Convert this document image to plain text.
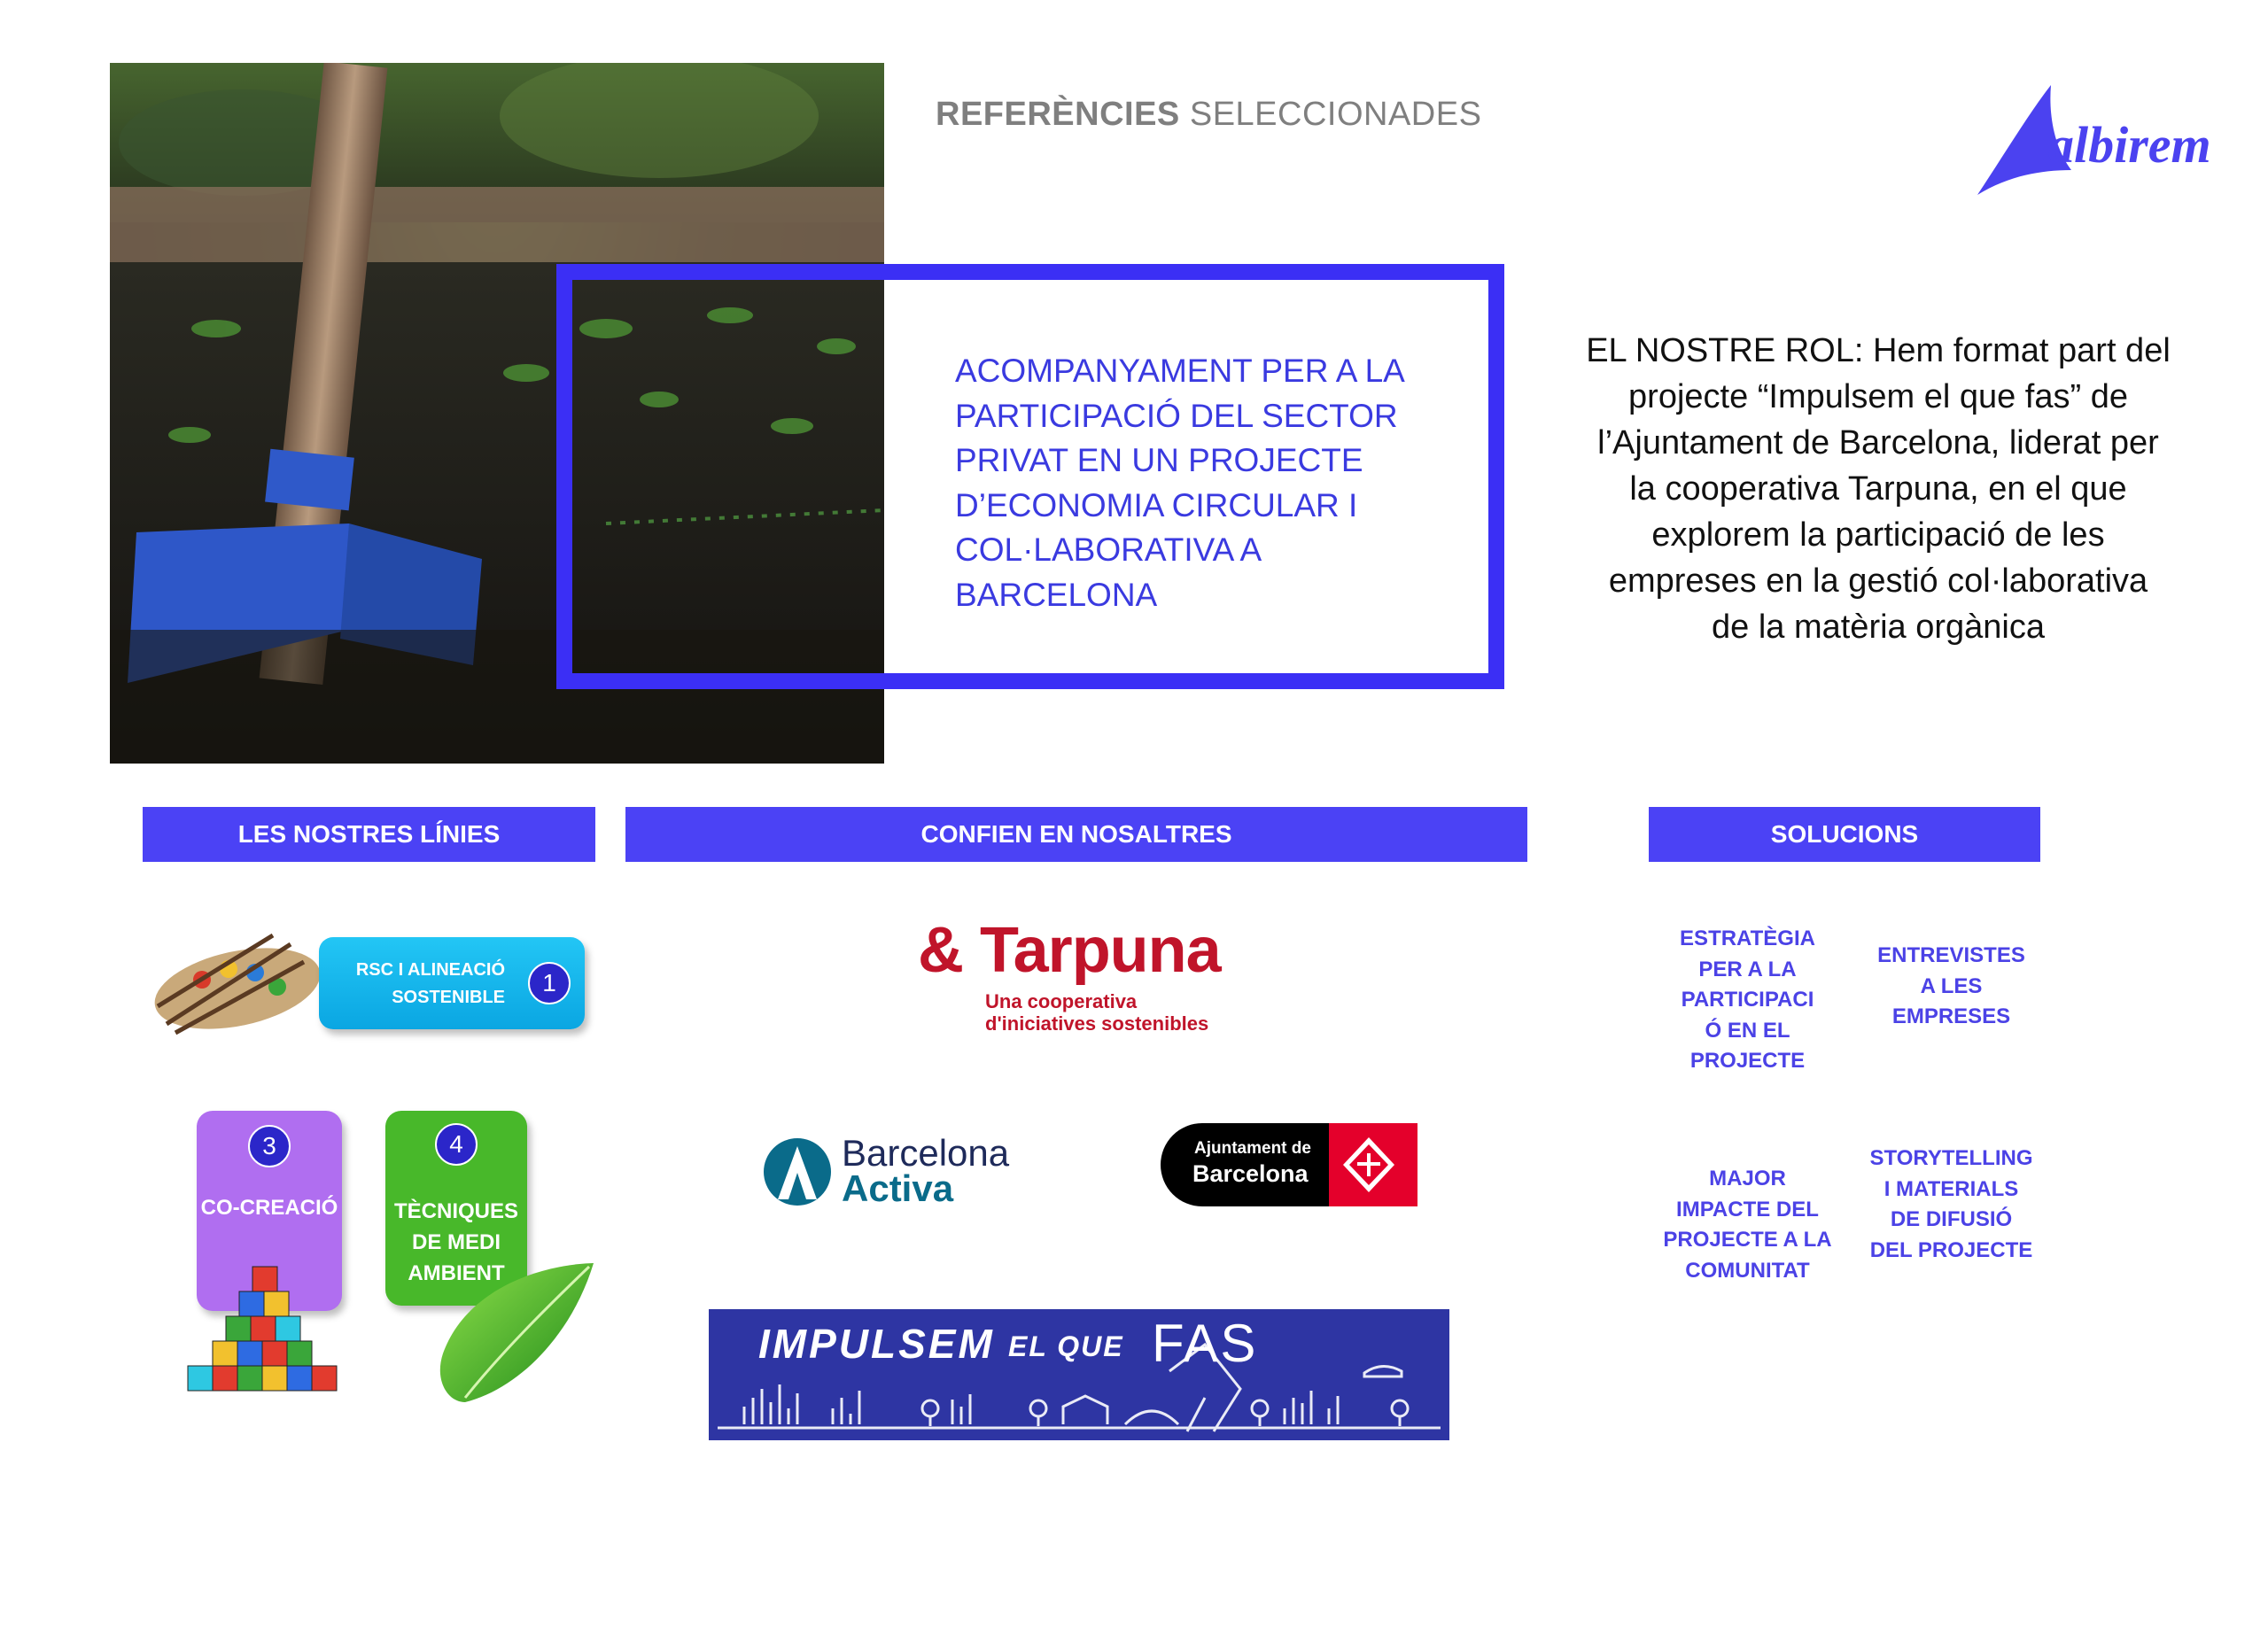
REFERÈNCIES SELECCIONADES
albirem
ACOMPANYAMENT PER A LA PARTICIPACIÓ DEL SECTOR PRIVAT EN UN PROJECTE D’ECONOMIA CIRCULAR I COL·LABORATIVA A BARCELONA
EL NOSTRE ROL: Hem format part del projecte “Impulsem el que fas” de l’Ajuntament de Barcelona, liderat per la cooperativa Tarpuna, en el que explorem la participació de les empreses en la gestió col·laborativa de la matèria orgànica
LES NOSTRES LÍNIES	CONFIEN EN NOSALTRES	SOLUCIONS
RSC I ALINEACIÓ
SOSTENIBLE
1
3
CO-CREACIÓ
4
TÈCNIQUES
DE MEDI
AMBIENT
& Tarpuna
Una cooperativa
d'iniciatives sostenibles
Barcelona
Activa
Ajuntament de
Barcelona
IMPULSEM EL QUE FAS
ESTRATÈGIA
PER A LA
PARTICIPACI
Ó EN EL
PROJECTE
ENTREVISTES
A LES
EMPRESES
MAJOR
IMPACTE DEL
PROJECTE A LA
COMUNITAT
STORYTELLING
I MATERIALS
DE DIFUSIÓ
DEL PROJECTE
